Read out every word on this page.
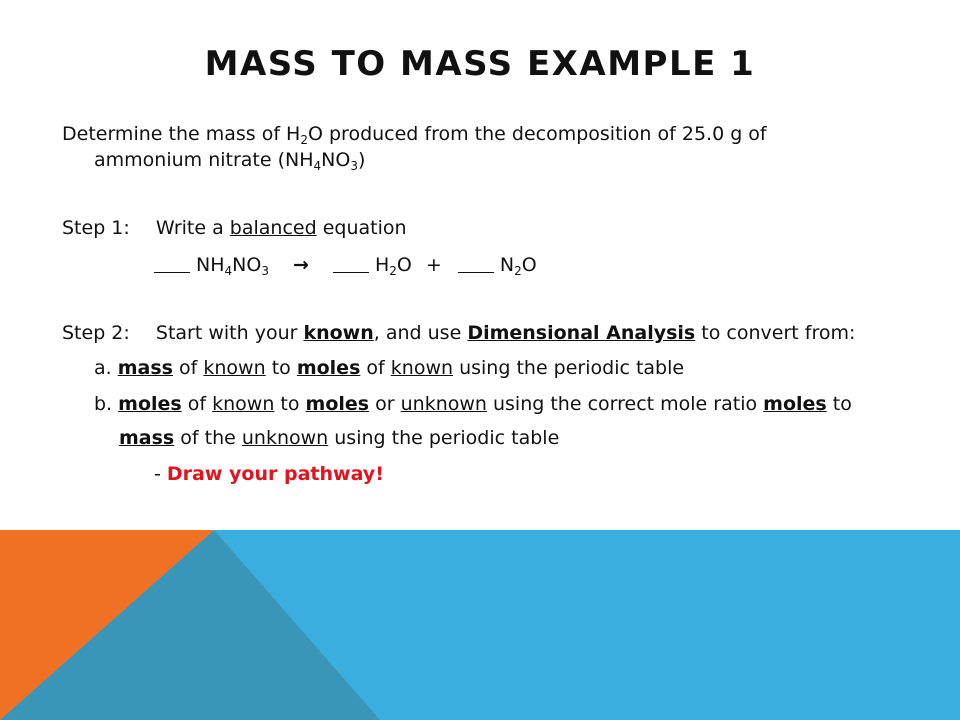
MASS TO MASS EXAMPLE 1
Determine the mass of $H_2O$ produced from the decomposition of 25.0 g of
ammonium nitrate $(NH_4NO_3)$
Step 1: Write a balanced equation
$NH_4NO_3$ →	$H_2O$ +	$N_2O$
Step 2: Start with your known, and use Dimensional Analysis to convert from:
a. mass of known to moles of known using the periodic table
b. moles of known to moles or unknown using the correct mole ratio moles to
mass of the unknown using the periodic table
- Draw your pathway!
